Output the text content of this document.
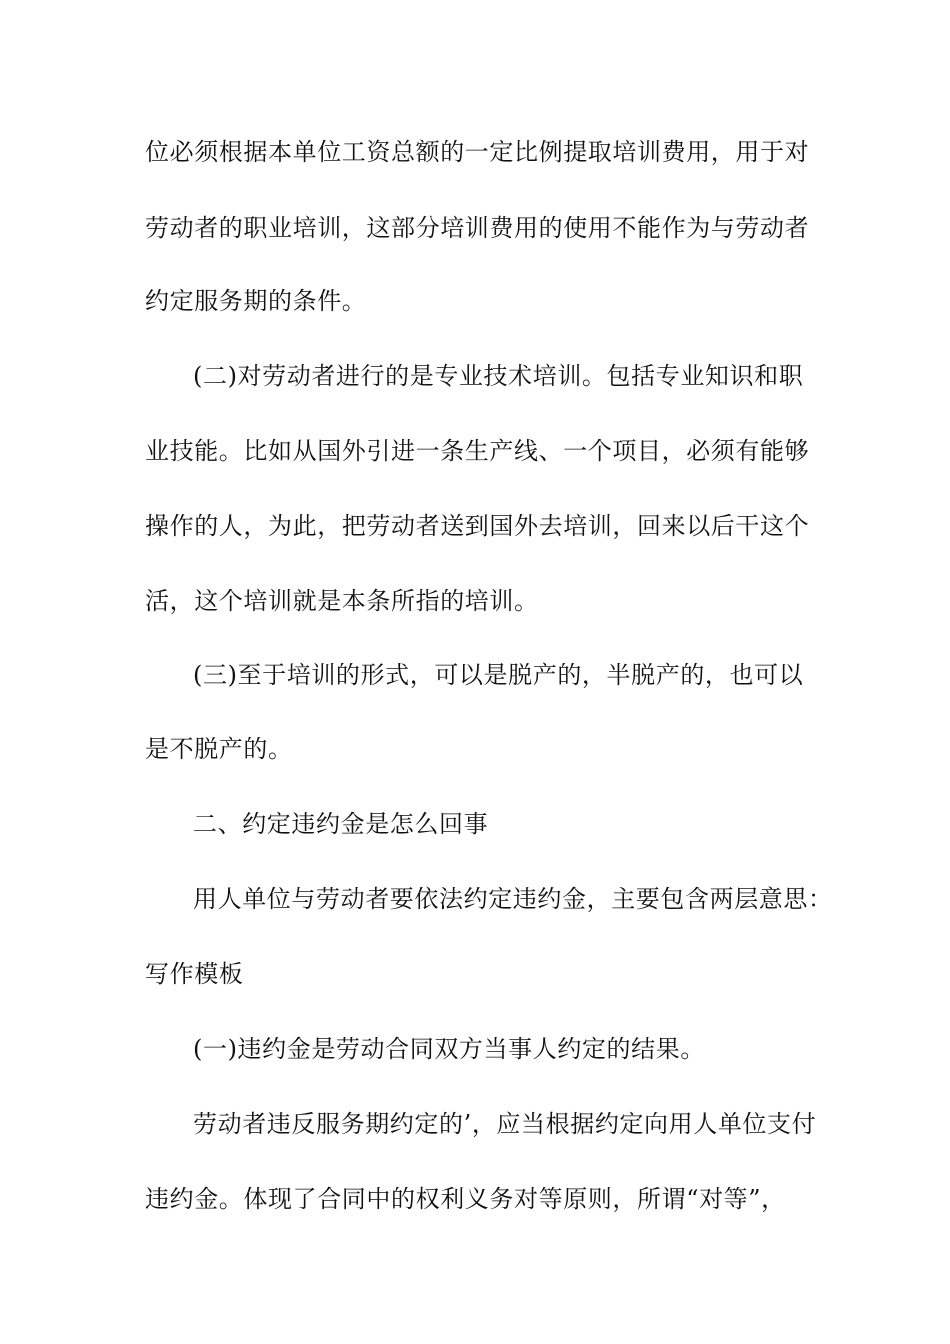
位必须根据本单位工资总额的一定比例提取培训费用，用于对
劳动者的职业培训，这部分培训费用的使用不能作为与劳动者
约定服务期的条件。
(二)对劳动者进行的是专业技术培训。包括专业知识和职
业技能。比如从国外引进一条生产线、一个项目，必须有能够
操作的人，为此，把劳动者送到国外去培训，回来以后干这个
活，这个培训就是本条所指的培训。
(三)至于培训的形式，可以是脱产的，半脱产的，也可以
是不脱产的。
二、约定违约金是怎么回事
用人单位与劳动者要依法约定违约金，主要包含两层意思：
写作模板
(一)违约金是劳动合同双方当事人约定的结果。
劳动者违反服务期约定的’，应当根据约定向用人单位支付
违约金。体现了合同中的权利义务对等原则，所谓“对等”，
